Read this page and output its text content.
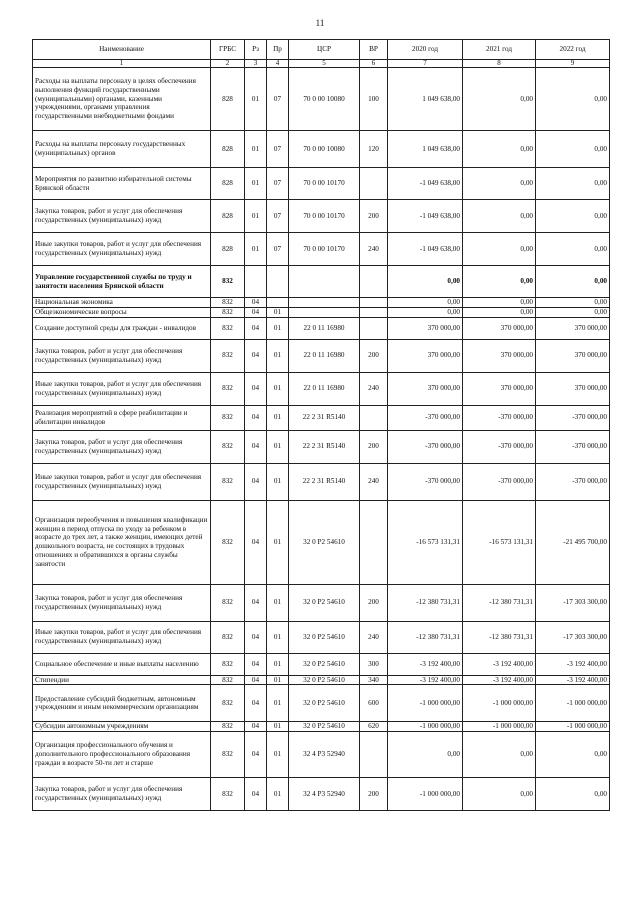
11
Наименование	ГРБС	Рз	Пр	ЦСР	ВР	2020 год	2021 год	2022 год
1	2	3	4	5	6	7	8	9
Расходы на выплаты персоналу в целях обеспечения выполнения функций государственными (муниципальными) органами, казенными учреждениями, органами управления государственными внебюджетными фондами	828	01	07	70 0 00 10080	100	1 049 638,00	0,00	0,00
Расходы на выплаты персоналу государственных (муниципальных) органов	828	01	07	70 0 00 10080	120	1 049 638,00	0,00	0,00
Мероприятия по развитию избирательной системы Брянской области	828	01	07	70 0 00 10170		-1 049 638,00	0,00	0,00
Закупка товаров, работ и услуг для обеспечения государственных (муниципальных) нужд	828	01	07	70 0 00 10170	200	-1 049 638,00	0,00	0,00
Иные закупки товаров, работ и услуг для обеспечения государственных (муниципальных) нужд	828	01	07	70 0 00 10170	240	-1 049 638,00	0,00	0,00
Управление государственной службы по труду и занятости населения Брянской области	832					0,00	0,00	0,00
Национальная экономика	832	04				0,00	0,00	0,00
Общеэкономические вопросы	832	04	01			0,00	0,00	0,00
Создание доступной среды для граждан - инвалидов	832	04	01	22 0 11 16980		370 000,00	370 000,00	370 000,00
Закупка товаров, работ и услуг для обеспечения государственных (муниципальных) нужд	832	04	01	22 0 11 16980	200	370 000,00	370 000,00	370 000,00
Иные закупки товаров, работ и услуг для обеспечения государственных (муниципальных) нужд	832	04	01	22 0 11 16980	240	370 000,00	370 000,00	370 000,00
Реализация мероприятий в сфере реабилитации и абилитации инвалидов	832	04	01	22 2 31 R5140		-370 000,00	-370 000,00	-370 000,00
Закупка товаров, работ и услуг для обеспечения государственных (муниципальных) нужд	832	04	01	22 2 31 R5140	200	-370 000,00	-370 000,00	-370 000,00
Иные закупки товаров, работ и услуг для обеспечения государственных (муниципальных) нужд	832	04	01	22 2 31 R5140	240	-370 000,00	-370 000,00	-370 000,00
Организация переобучения и повышения квалификации женщин в период отпуска по уходу за ребенком в возрасте до трех лет, а также женщин, имеющих детей дошкольного возраста, не состоящих в трудовых отношениях и обратившихся в органы службы занятости	832	04	01	32 0 P2 54610		-16 573 131,31	-16 573 131,31	-21 495 700,00
Закупка товаров, работ и услуг для обеспечения государственных (муниципальных) нужд	832	04	01	32 0 P2 54610	200	-12 380 731,31	-12 380 731,31	-17 303 300,00
Иные закупки товаров, работ и услуг для обеспечения государственных (муниципальных) нужд	832	04	01	32 0 P2 54610	240	-12 380 731,31	-12 380 731,31	-17 303 300,00
Социальное обеспечение и иные выплаты населению	832	04	01	32 0 P2 54610	300	-3 192 400,00	-3 192 400,00	-3 192 400,00
Стипендии	832	04	01	32 0 P2 54610	340	-3 192 400,00	-3 192 400,00	-3 192 400,00
Предоставление субсидий бюджетным, автономным учреждениям и иным некоммерческим организациям	832	04	01	32 0 P2 54610	600	-1 000 000,00	-1 000 000,00	-1 000 000,00
Субсидии автономным учреждениям	832	04	01	32 0 P2 54610	620	-1 000 000,00	-1 000 000,00	-1 000 000,00
Организация профессионального обучения и дополнительного профессионального образования граждан в возрасте 50-ти лет и старше	832	04	01	32 4 P3 52940		0,00	0,00	0,00
Закупка товаров, работ и услуг для обеспечения государственных (муниципальных) нужд	832	04	01	32 4 P3 52940	200	-1 000 000,00	0,00	0,00
